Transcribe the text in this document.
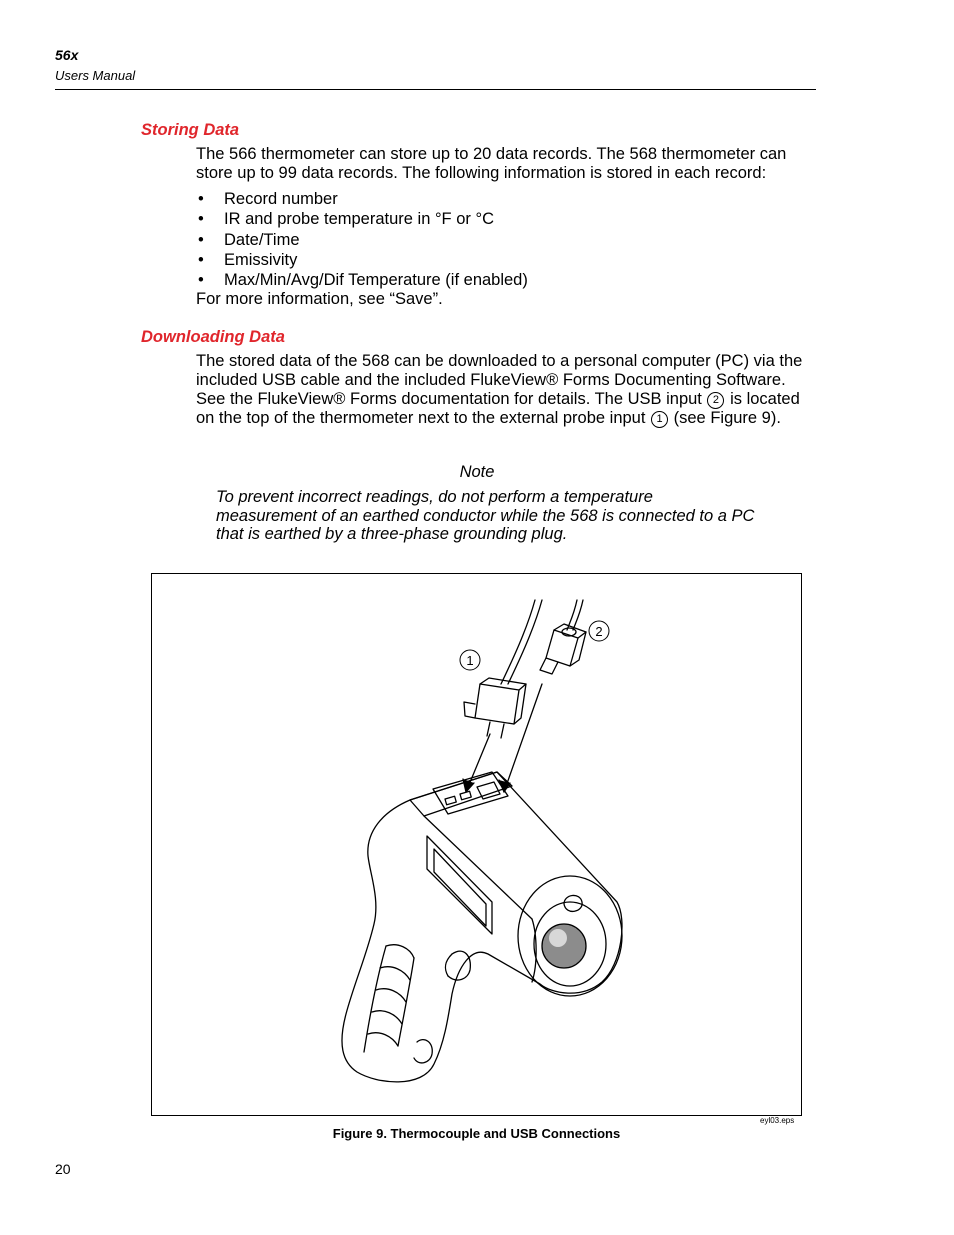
56x
Users Manual
Storing Data
The 566 thermometer can store up to 20 data records. The 568 thermometer can store up to 99 data records. The following information is stored in each record:
• Record number
• IR and probe temperature in °F or °C
• Date/Time
• Emissivity
• Max/Min/Avg/Dif Temperature (if enabled)
For more information, see “Save”.
Downloading Data
The stored data of the 568 can be downloaded to a personal computer (PC) via the included USB cable and the included FlukeView® Forms Documenting Software. See the FlukeView® Forms documentation for details. The USB input 2 is located on the top of the thermometer next to the external probe input 1 (see Figure 9).
Note
To prevent incorrect readings, do not perform a temperature measurement of an earthed conductor while the 568 is connected to a PC that is earthed by a three-phase grounding plug.
1
2
eyl03.eps
Figure 9. Thermocouple and USB Connections
20
